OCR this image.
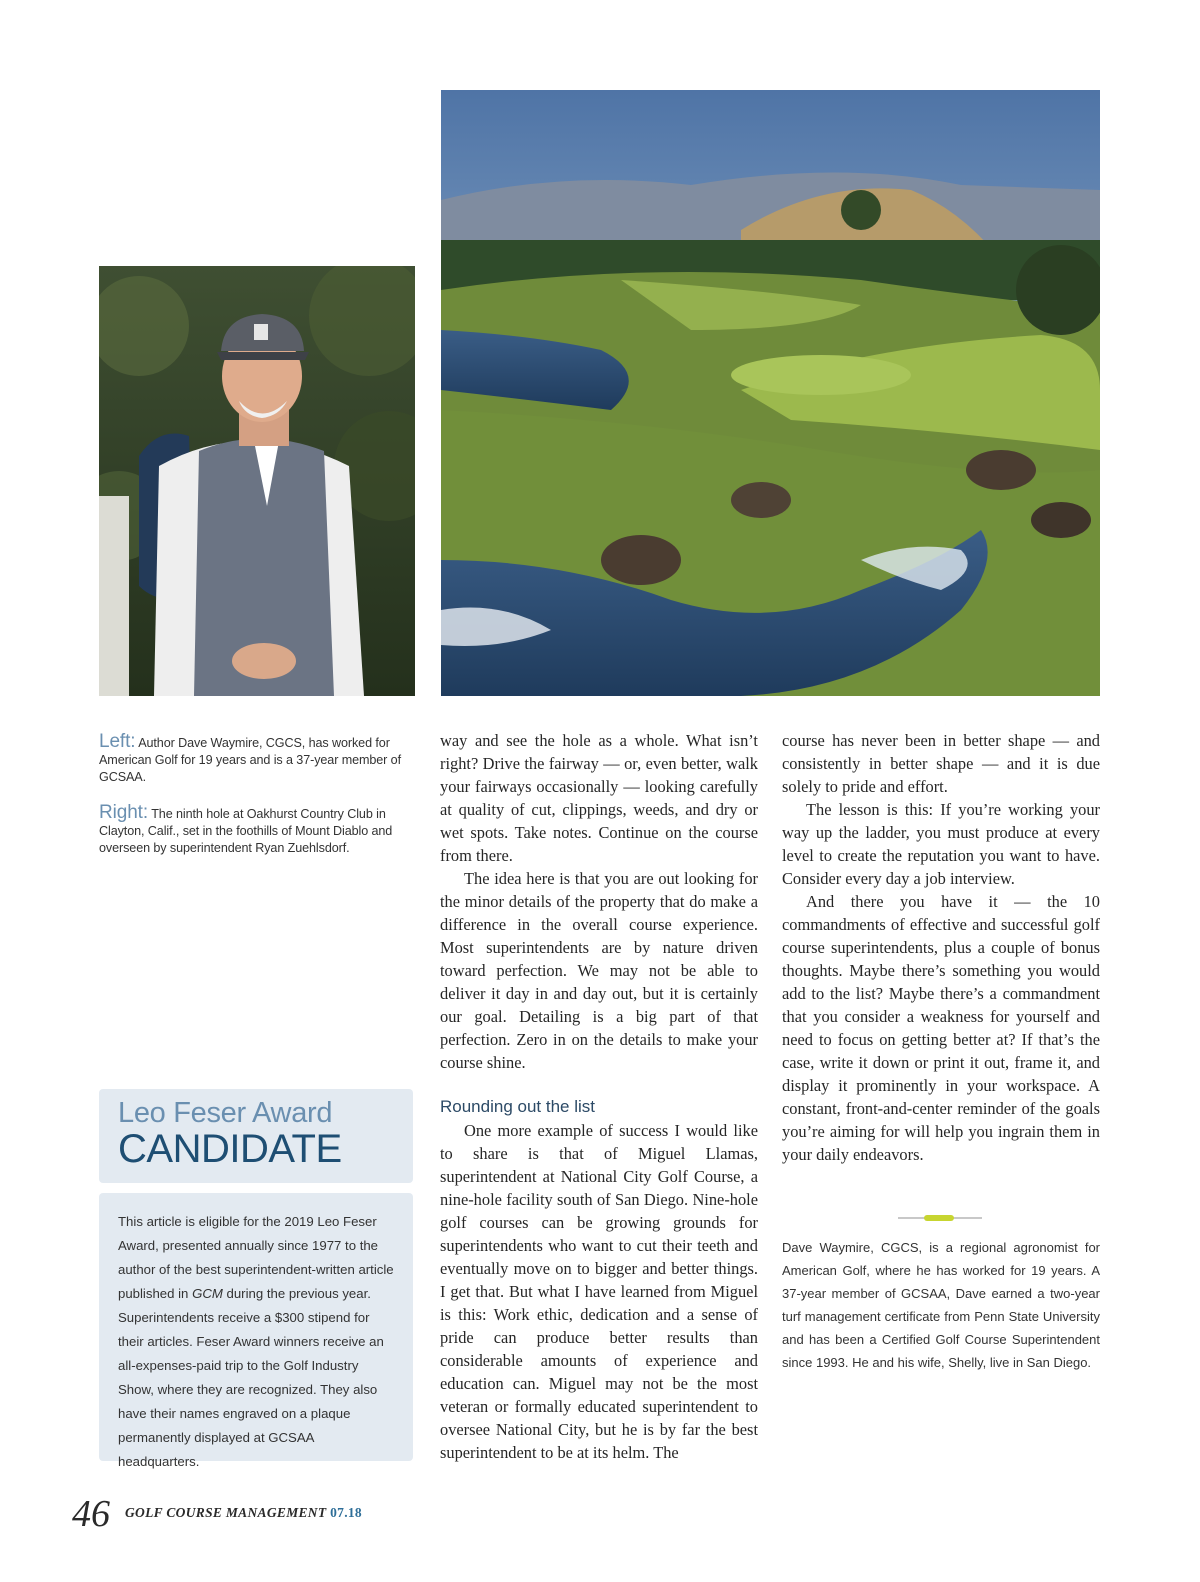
Left: Author Dave Waymire, CGCS, has worked for American Golf for 19 years and is a 37-year member of GCSAA.
Right: The ninth hole at Oakhurst Country Club in Clayton, Calif., set in the foothills of Mount Diablo and overseen by superintendent Ryan Zuehlsdorf.

way and see the hole as a whole. What isn’t right? Drive the fairway — or, even better, walk your fairways occasionally — looking carefully at quality of cut, clippings, weeds, and dry or wet spots. Take notes. Continue on the course from there.

The idea here is that you are out looking for the minor details of the property that do make a difference in the overall course experience. Most superintendents are by nature driven toward perfection. We may not be able to deliver it day in and day out, but it is certainly our goal. Detailing is a big part of that perfection. Zero in on the details to make your course shine.

Rounding out the list

One more example of success I would like to share is that of Miguel Llamas, superintendent at National City Golf Course, a nine-hole facility south of San Diego. Nine-hole golf courses can be growing grounds for superintendents who want to cut their teeth and eventually move on to bigger and better things. I get that. But what I have learned from Miguel is this: Work ethic, dedication and a sense of pride can produce better results than considerable amounts of experience and education can. Miguel may not be the most veteran or formally educated superintendent to oversee National City, but he is by far the best superintendent to be at its helm. The

course has never been in better shape — and consistently in better shape — and it is due solely to pride and effort.

The lesson is this: If you’re working your way up the ladder, you must produce at every level to create the reputation you want to have. Consider every day a job interview.

And there you have it — the 10 commandments of effective and successful golf course superintendents, plus a couple of bonus thoughts. Maybe there’s something you would add to the list? Maybe there’s a commandment that you consider a weakness for yourself and need to focus on getting better at? If that’s the case, write it down or print it out, frame it, and display it prominently in your workspace. A constant, front-and-center reminder of the goals you’re aiming for will help you ingrain them in your daily endeavors.

Leo Feser Award
CANDIDATE
This article is eligible for the 2019 Leo Feser Award, presented annually since 1977 to the author of the best superintendent-written article published in GCM during the previous year. Superintendents receive a $300 stipend for their articles. Feser Award winners receive an all-expenses-paid trip to the Golf Industry Show, where they are recognized. They also have their names engraved on a plaque permanently displayed at GCSAA headquarters.
Dave Waymire, CGCS, is a regional agronomist for American Golf, where he has worked for 19 years. A 37-year member of GCSAA, Dave earned a two-year turf management certificate from Penn State University and has been a Certified Golf Course Superintendent since 1993. He and his wife, Shelly, live in San Diego.
46 GOLF COURSE MANAGEMENT 07.18
